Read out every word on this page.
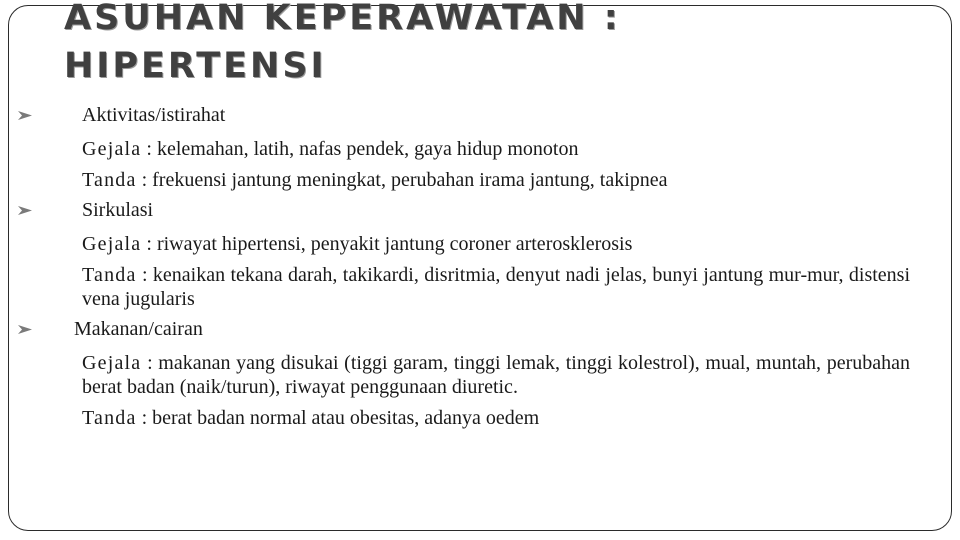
ASUHAN KEPERAWATAN :
HIPERTENSI

Aktivitas/istirahat

Gejala : kelemahan, latih, nafas pendek, gaya hidup monoton

Tanda : frekuensi jantung meningkat, perubahan irama jantung, takipnea

Sirkulasi

Gejala : riwayat hipertensi, penyakit jantung coroner arterosklerosis

Tanda : kenaikan tekana darah, takikardi, disritmia, denyut nadi jelas, bunyi jantung mur-mur, distensi vena jugularis

Makanan/cairan

Gejala : makanan yang disukai (tiggi garam, tinggi lemak, tinggi kolestrol), mual, muntah, perubahan berat badan (naik/turun), riwayat penggunaan diuretic.

Tanda : berat badan normal atau obesitas, adanya oedem
